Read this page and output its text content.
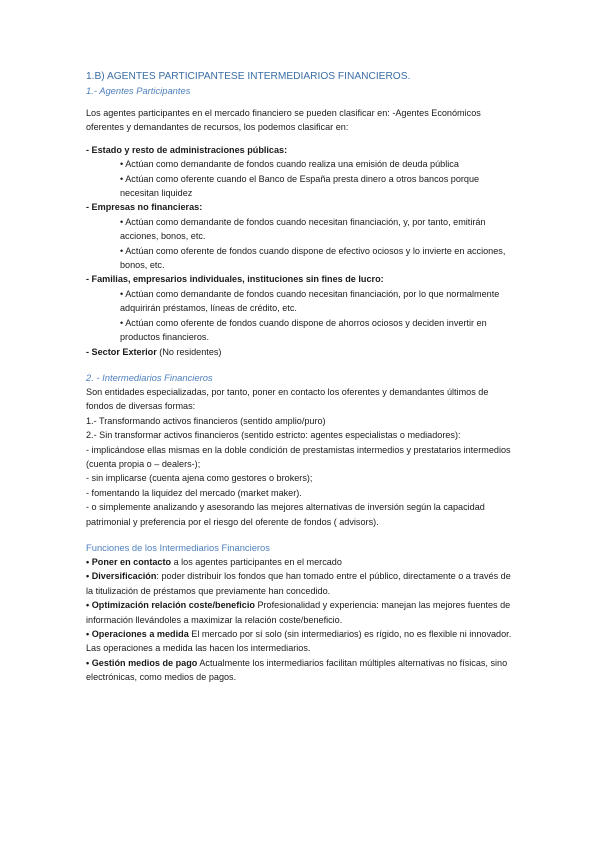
1.B) AGENTES PARTICIPANTESE INTERMEDIARIOS FINANCIEROS.

1.- Agentes Participantes

Los agentes participantes en el mercado financiero se pueden clasificar en: -Agentes Económicos oferentes y demandantes de recursos, los podemos clasificar en:

- Estado y resto de administraciones públicas:

• Actúan como demandante de fondos cuando realiza una emisión de deuda pública

• Actúan como oferente cuando el Banco de España presta dinero a otros bancos porque necesitan liquidez

- Empresas no financieras:

• Actúan como demandante de fondos cuando necesitan financiación, y, por tanto, emitirán acciones, bonos, etc.

• Actúan como oferente de fondos cuando dispone de efectivo ociosos y lo invierte en acciones, bonos, etc.

- Familias, empresarios individuales, instituciones sin fines de lucro:

• Actúan como demandante de fondos cuando necesitan financiación, por lo que normalmente adquirirán préstamos, líneas de crédito, etc.

• Actúan como oferente de fondos cuando dispone de ahorros ociosos y deciden invertir en productos financieros.

- Sector Exterior (No residentes)

2. - Intermediarios Financieros

Son entidades especializadas, por tanto, poner en contacto los oferentes y demandantes últimos de fondos de diversas formas:

1.- Transformando activos financieros (sentido amplio/puro)

2.- Sin transformar activos financieros (sentido estricto: agentes especialistas o mediadores):

- implicándose ellas mismas en la doble condición de prestamistas intermedios y prestatarios intermedios (cuenta propia o – dealers-);

- sin implicarse (cuenta ajena como gestores o brokers);

- fomentando la liquidez del mercado (market maker).

- o simplemente analizando y asesorando las mejores alternativas de inversión según la capacidad patrimonial y preferencia por el riesgo del oferente de fondos ( advisors).

Funciones de los Intermediarios Financieros

• Poner en contacto a los agentes participantes en el mercado

• Diversificación: poder distribuir los fondos que han tomado entre el público, directamente o a través de la titulización de préstamos que previamente han concedido.

• Optimización relación coste/beneficio Profesionalidad y experiencia: manejan las mejores fuentes de información llevándoles a maximizar la relación coste/beneficio.

• Operaciones a medida El mercado por sí solo (sin intermediarios) es rígido, no es flexible ni innovador. Las operaciones a medida las hacen los intermediarios.

• Gestión medios de pago Actualmente los intermediarios facilitan múltiples alternativas no físicas, sino electrónicas, como medios de pagos.
